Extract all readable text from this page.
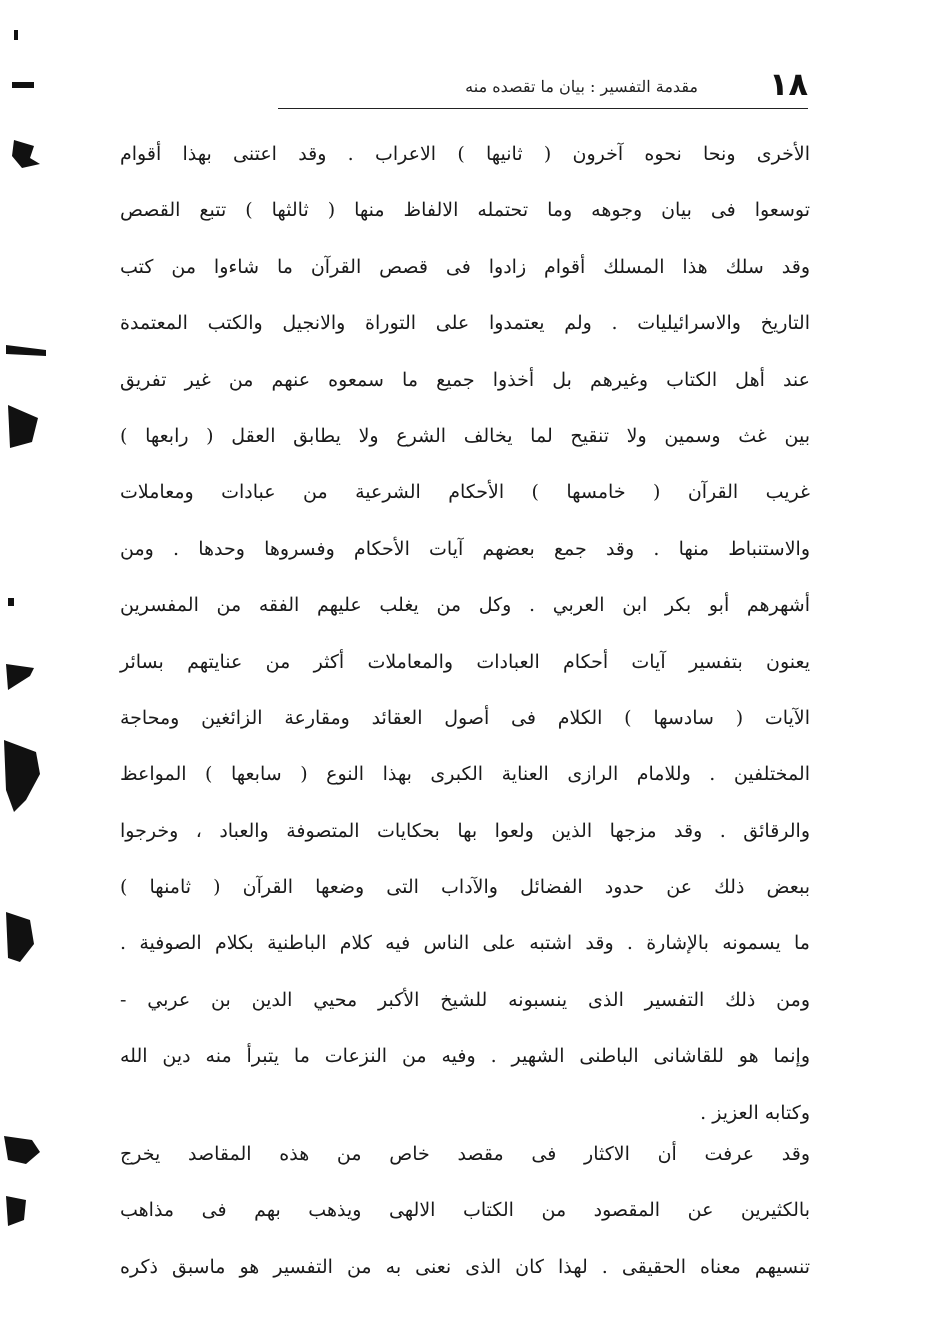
١٨
مقدمة التفسير : بيان ما تقصده منه
الأخرى ونحا نحوه آخرون ( ثانيها ) الاعراب . وقد اعتنى بهذا أقوام
توسعوا فى بيان وجوهه وما تحتمله الالفاظ منها ( ثالثها ) تتبع القصص
وقد سلك هذا المسلك أقوام زادوا فى قصص القرآن ما شاءوا من كتب
التاريخ والاسرائيليات . ولم يعتمدوا على التوراة والانجيل والكتب المعتمدة
عند أهل الكتاب وغيرهم بل أخذوا جميع ما سمعوه عنهم من غير تفريق
بين غث وسمين ولا تنقيح لما يخالف الشرع ولا يطابق العقل ( رابعها )
غريب القرآن ( خامسها ) الأحكام الشرعية من عبادات ومعاملات
والاستنباط منها . وقد جمع بعضهم آيات الأحكام وفسروها وحدها . ومن
أشهرهم أبو بكر ابن العربي . وكل من يغلب عليهم الفقه من المفسرين
يعنون بتفسير آيات أحكام العبادات والمعاملات أكثر من عنايتهم بسائر
الآيات ( سادسها ) الكلام فى أصول العقائد ومقارعة الزائغين ومحاجة
المختلفين . وللامام الرازى العناية الكبرى بهذا النوع ( سابعها ) المواعظ
والرقائق . وقد مزجها الذين ولعوا بها بحكايات المتصوفة والعباد ، وخرجوا
ببعض ذلك عن حدود الفضائل والآداب التى وضعها القرآن ( ثامنها )
ما يسمونه بالإشارة . وقد اشتبه على الناس فيه كلام الباطنية بكلام الصوفية .
ومن ذلك التفسير الذى ينسبونه للشيخ الأكبر محيي الدين بن عربي -
وإنما هو للقاشانى الباطنى الشهير . وفيه من النزعات ما يتبرأ منه دين الله
وكتابه العزيز .
وقد عرفت أن الاكثار فى مقصد خاص من هذه المقاصد يخرج
بالكثيرين عن المقصود من الكتاب الالهى ويذهب بهم فى مذاهب
تنسيهم معناه الحقيقى . لهذا كان الذى نعنى به من التفسير هو ماسبق ذكره
